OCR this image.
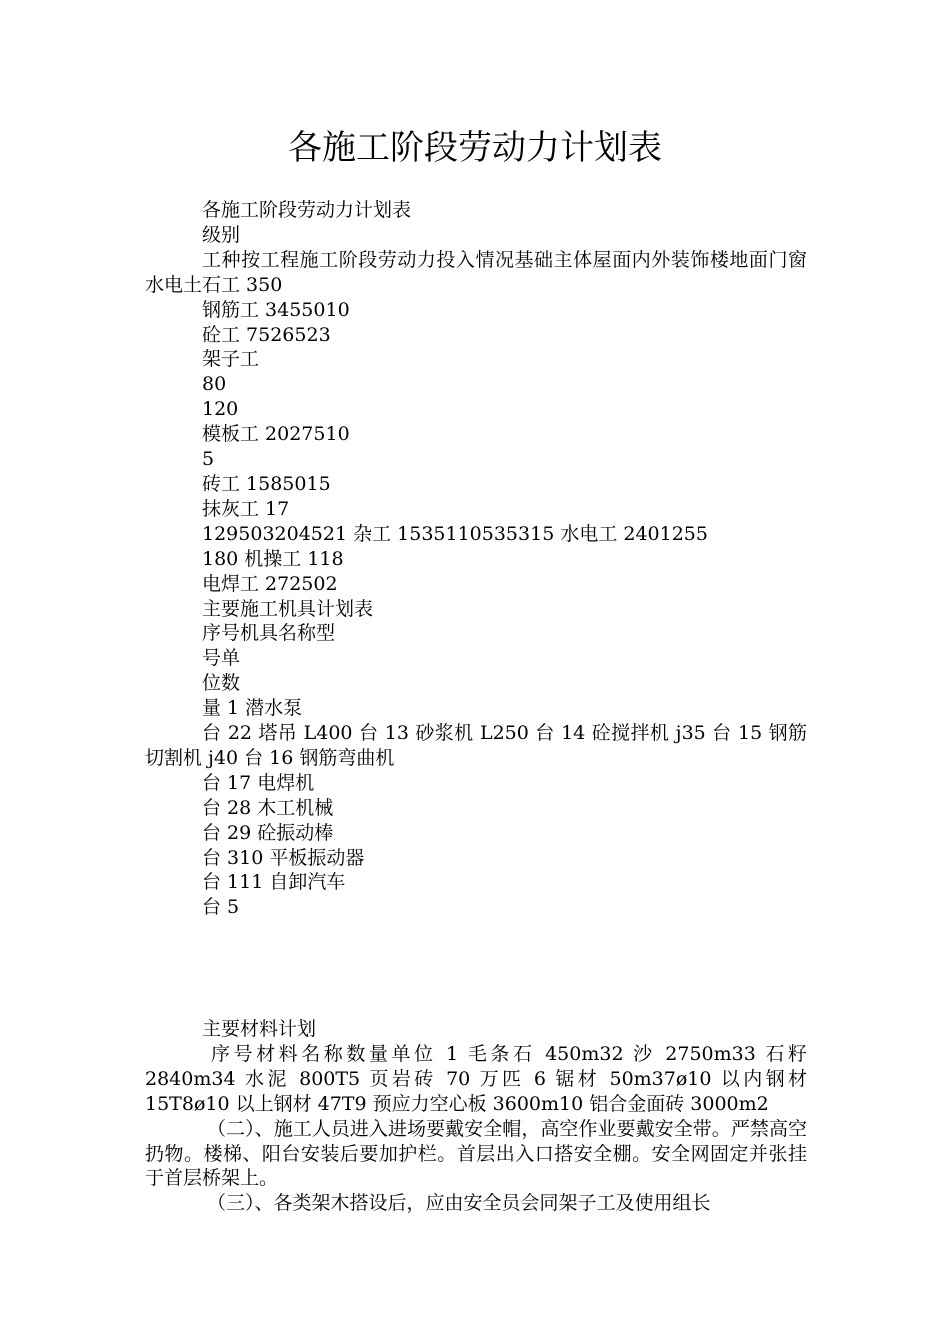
各施工阶段劳动力计划表
各施工阶段劳动力计划表
级别
工种按工程施工阶段劳动力投入情况基础主体屋面内外装饰楼地面门窗水电土石工 350
钢筋工 3455010
砼工 7526523
架子工
80
120
模板工 2027510
5
砖工 1585015
抹灰工 17
129503204521 杂工 1535110535315 水电工 2401255
180 机操工 118
电焊工 272502
主要施工机具计划表
序号机具名称型
号单
位数
量 1 潜水泵
台 22 塔吊 L400 台 13 砂浆机 L250 台 14 砼搅拌机 j35 台 15 钢筋切割机 j40 台 16 钢筋弯曲机
台 17 电焊机
台 28 木工机械
台 29 砼振动棒
台 310 平板振动器
台 111 自卸汽车
台 5
主要材料计划
序号材料名称数量单位 1 毛条石 450m32 沙 2750m33 石籽 2840m34 水泥 800T5 页岩砖 70 万匹 6 锯材 50m37ø10 以内钢材 15T8ø10 以上钢材 47T9 预应力空心板 3600m10 铝合金面砖 3000m2
（二）、施工人员进入进场要戴安全帽，高空作业要戴安全带。严禁高空扔物。楼梯、阳台安装后要加护栏。首层出入口搭安全棚。安全网固定并张挂于首层桥架上。
（三）、各类架木搭设后，应由安全员会同架子工及使用组长
